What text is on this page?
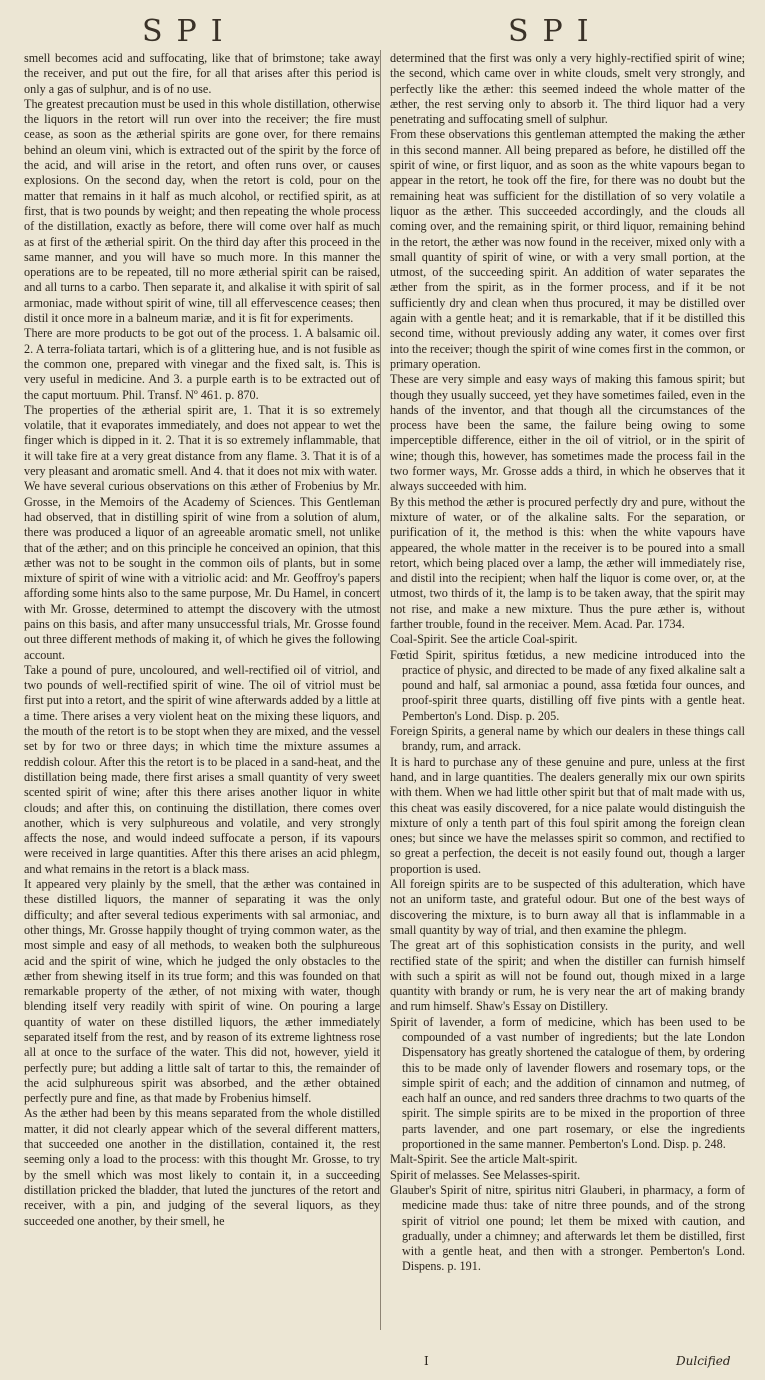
SPI	SPI

smell becomes acid and suffocating, like that of brimstone; take away the receiver, and put out the fire, for all that arises after this period is only a gas of sulphur, and is of no use.

The greatest precaution must be used in this whole distillation, otherwise the liquors in the retort will run over into the receiver; the fire must cease, as soon as the ætherial spirits are gone over, for there remains behind an oleum vini, which is extracted out of the spirit by the force of the acid, and will arise in the retort, and often runs over, or causes explosions. On the second day, when the retort is cold, pour on the matter that remains in it half as much alcohol, or rectified spirit, as at first, that is two pounds by weight; and then repeating the whole process of the distillation, exactly as before, there will come over half as much as at first of the ætherial spirit. On the third day after this proceed in the same manner, and you will have so much more. In this manner the operations are to be repeated, till no more ætherial spirit can be raised, and all turns to a carbo. Then separate it, and alkalise it with spirit of sal armoniac, made without spirit of wine, till all effervescence ceases; then distil it once more in a balneum mariæ, and it is fit for experiments.

There are more products to be got out of the process. 1. A balsamic oil. 2. A terra-foliata tartari, which is of a glittering hue, and is not fusible as the common one, prepared with vinegar and the fixed salt, is. This is very useful in medicine. And 3. a purple earth is to be extracted out of the caput mortuum. Phil. Transf. Nº 461. p. 870.

The properties of the ætherial spirit are, 1. That it is so extremely volatile, that it evaporates immediately, and does not appear to wet the finger which is dipped in it. 2. That it is so extremely inflammable, that it will take fire at a very great distance from any flame. 3. That it is of a very pleasant and aromatic smell. And 4. that it does not mix with water.

We have several curious observations on this æther of Frobenius by Mr. Grosse, in the Memoirs of the Academy of Sciences. This Gentleman had observed, that in distilling spirit of wine from a solution of alum, there was produced a liquor of an agreeable aromatic smell, not unlike that of the æther; and on this principle he conceived an opinion, that this æther was not to be sought in the common oils of plants, but in some mixture of spirit of wine with a vitriolic acid: and Mr. Geoffroy's papers affording some hints also to the same purpose, Mr. Du Hamel, in concert with Mr. Grosse, determined to attempt the discovery with the utmost pains on this basis, and after many unsuccessful trials, Mr. Grosse found out three different methods of making it, of which he gives the following account.

Take a pound of pure, uncoloured, and well-rectified oil of vitriol, and two pounds of well-rectified spirit of wine. The oil of vitriol must be first put into a retort, and the spirit of wine afterwards added by a little at a time. There arises a very violent heat on the mixing these liquors, and the mouth of the retort is to be stopt when they are mixed, and the vessel set by for two or three days; in which time the mixture assumes a reddish colour. After this the retort is to be placed in a sand-heat, and the distillation being made, there first arises a small quantity of very sweet scented spirit of wine; after this there arises another liquor in white clouds; and after this, on continuing the distillation, there comes over another, which is very sulphureous and volatile, and very strongly affects the nose, and would indeed suffocate a person, if its vapours were received in large quantities. After this there arises an acid phlegm, and what remains in the retort is a black mass.

It appeared very plainly by the smell, that the æther was contained in these distilled liquors, the manner of separating it was the only difficulty; and after several tedious experiments with sal armoniac, and other things, Mr. Grosse happily thought of trying common water, as the most simple and easy of all methods, to weaken both the sulphureous acid and the spirit of wine, which he judged the only obstacles to the æther from shewing itself in its true form; and this was founded on that remarkable property of the æther, of not mixing with water, though blending itself very readily with spirit of wine. On pouring a large quantity of water on these distilled liquors, the æther immediately separated itself from the rest, and by reason of its extreme lightness rose all at once to the surface of the water. This did not, however, yield it perfectly pure; but adding a little salt of tartar to this, the remainder of the acid sulphureous spirit was absorbed, and the æther obtained perfectly pure and fine, as that made by Frobenius himself.

As the æther had been by this means separated from the whole distilled matter, it did not clearly appear which of the several different matters, that succeeded one another in the distillation, contained it, the rest seeming only a load to the process: with this thought Mr. Grosse, to try by the smell which was most likely to contain it, in a succeeding distillation pricked the bladder, that luted the junctures of the retort and receiver, with a pin, and judging of the several liquors, as they succeeded one another, by their smell, he

determined that the first was only a very highly-rectified spirit of wine; the second, which came over in white clouds, smelt very strongly, and perfectly like the æther: this seemed indeed the whole matter of the æther, the rest serving only to absorb it. The third liquor had a very penetrating and suffocating smell of sulphur.

From these observations this gentleman attempted the making the æther in this second manner. All being prepared as before, he distilled off the spirit of wine, or first liquor, and as soon as the white vapours began to appear in the retort, he took off the fire, for there was no doubt but the remaining heat was sufficient for the distillation of so very volatile a liquor as the æther. This succeeded accordingly, and the clouds all coming over, and the remaining spirit, or third liquor, remaining behind in the retort, the æther was now found in the receiver, mixed only with a small quantity of spirit of wine, or with a very small portion, at the utmost, of the succeeding spirit. An addition of water separates the æther from the spirit, as in the former process, and if it be not sufficiently dry and clean when thus procured, it may be distilled over again with a gentle heat; and it is remarkable, that if it be distilled this second time, without previously adding any water, it comes over first into the receiver; though the spirit of wine comes first in the common, or primary operation.

These are very simple and easy ways of making this famous spirit; but though they usually succeed, yet they have sometimes failed, even in the hands of the inventor, and that though all the circumstances of the process have been the same, the failure being owing to some imperceptible difference, either in the oil of vitriol, or in the spirit of wine; though this, however, has sometimes made the process fail in the two former ways, Mr. Grosse adds a third, in which he observes that it always succeeded with him.

By this method the æther is procured perfectly dry and pure, without the mixture of water, or of the alkaline salts. For the separation, or purification of it, the method is this: when the white vapours have appeared, the whole matter in the receiver is to be poured into a small retort, which being placed over a lamp, the æther will immediately rise, and distil into the recipient; when half the liquor is come over, or, at the utmost, two thirds of it, the lamp is to be taken away, that the spirit may not rise, and make a new mixture. Thus the pure æther is, without farther trouble, found in the receiver. Mem. Acad. Par. 1734.

Coal-Spirit. See the article Coal-spirit.

Fœtid Spirit, spiritus fœtidus, a new medicine introduced into the practice of physic, and directed to be made of any fixed alkaline salt a pound and half, sal armoniac a pound, assa fœtida four ounces, and proof-spirit three quarts, distilling off five pints with a gentle heat. Pemberton's Lond. Disp. p. 205.

Foreign Spirits, a general name by which our dealers in these things call brandy, rum, and arrack.

It is hard to purchase any of these genuine and pure, unless at the first hand, and in large quantities. The dealers generally mix our own spirits with them. When we had little other spirit but that of malt made with us, this cheat was easily discovered, for a nice palate would distinguish the mixture of only a tenth part of this foul spirit among the foreign clean ones; but since we have the melasses spirit so common, and rectified to so great a perfection, the deceit is not easily found out, though a larger proportion is used.

All foreign spirits are to be suspected of this adulteration, which have not an uniform taste, and grateful odour. But one of the best ways of discovering the mixture, is to burn away all that is inflammable in a small quantity by way of trial, and then examine the phlegm.

The great art of this sophistication consists in the purity, and well rectified state of the spirit; and when the distiller can furnish himself with such a spirit as will not be found out, though mixed in a large quantity with brandy or rum, he is very near the art of making brandy and rum himself. Shaw's Essay on Distillery.

Spirit of lavender, a form of medicine, which has been used to be compounded of a vast number of ingredients; but the late London Dispensatory has greatly shortened the catalogue of them, by ordering this to be made only of lavender flowers and rosemary tops, or the simple spirit of each; and the addition of cinnamon and nutmeg, of each half an ounce, and red sanders three drachms to two quarts of the spirit. The simple spirits are to be mixed in the proportion of three parts lavender, and one part rosemary, or else the ingredients proportioned in the same manner. Pemberton's Lond. Disp. p. 248.

Malt-Spirit. See the article Malt-spirit.

Spirit of melasses. See Melasses-spirit.

Glauber's Spirit of nitre, spiritus nitri Glauberi, in pharmacy, a form of medicine made thus: take of nitre three pounds, and of the strong spirit of vitriol one pound; let them be mixed with caution, and gradually, under a chimney; and afterwards let them be distilled, first with a gentle heat, and then with a stronger. Pemberton's Lond. Dispens. p. 191.

I	Dulcified
